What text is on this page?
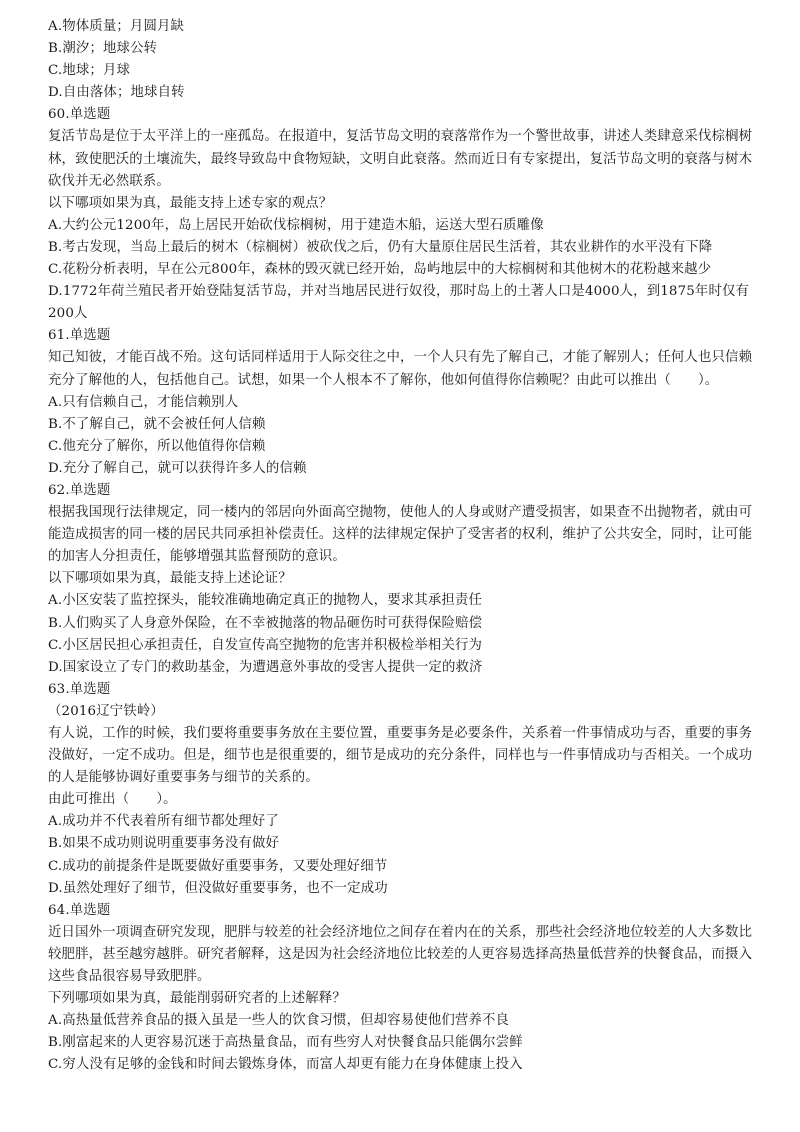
A.物体质量；月圆月缺
B.潮汐；地球公转
C.地球；月球
D.自由落体；地球自转
60.单选题
复活节岛是位于太平洋上的一座孤岛。在报道中，复活节岛文明的衰落常作为一个警世故事，讲述人类肆意采伐棕榈树林，致使肥沃的土壤流失，最终导致岛中食物短缺，文明自此衰落。然而近日有专家提出，复活节岛文明的衰落与树木砍伐并无必然联系。
以下哪项如果为真，最能支持上述专家的观点？
A.大约公元1200年，岛上居民开始砍伐棕榈树，用于建造木船，运送大型石质雕像
B.考古发现，当岛上最后的树木（棕榈树）被砍伐之后，仍有大量原住居民生活着，其农业耕作的水平没有下降
C.花粉分析表明，早在公元800年，森林的毁灭就已经开始，岛屿地层中的大棕榈树和其他树木的花粉越来越少
D.1772年荷兰殖民者开始登陆复活节岛，并对当地居民进行奴役，那时岛上的土著人口是4000人，到1875年时仅有200人
61.单选题
知己知彼，才能百战不殆。这句话同样适用于人际交往之中，一个人只有先了解自己，才能了解别人；任何人也只信赖充分了解他的人，包括他自己。试想，如果一个人根本不了解你，他如何值得你信赖呢？由此可以推出（　　）。
A.只有信赖自己，才能信赖别人
B.不了解自己，就不会被任何人信赖
C.他充分了解你，所以他值得你信赖
D.充分了解自己，就可以获得许多人的信赖
62.单选题
根据我国现行法律规定，同一楼内的邻居向外面高空抛物，使他人的人身或财产遭受损害，如果查不出抛物者，就由可能造成损害的同一楼的居民共同承担补偿责任。这样的法律规定保护了受害者的权利，维护了公共安全，同时，让可能的加害人分担责任，能够增强其监督预防的意识。
以下哪项如果为真，最能支持上述论证？
A.小区安装了监控探头，能较准确地确定真正的抛物人，要求其承担责任
B.人们购买了人身意外保险，在不幸被抛落的物品砸伤时可获得保险赔偿
C.小区居民担心承担责任，自发宣传高空抛物的危害并积极检举相关行为
D.国家设立了专门的救助基金，为遭遇意外事故的受害人提供一定的救济
63.单选题
（2016辽宁铁岭）
有人说，工作的时候，我们要将重要事务放在主要位置，重要事务是必要条件，关系着一件事情成功与否，重要的事务没做好，一定不成功。但是，细节也是很重要的，细节是成功的充分条件，同样也与一件事情成功与否相关。一个成功的人是能够协调好重要事务与细节的关系的。
由此可推出（　　）。
A.成功并不代表着所有细节都处理好了
B.如果不成功则说明重要事务没有做好
C.成功的前提条件是既要做好重要事务，又要处理好细节
D.虽然处理好了细节，但没做好重要事务，也不一定成功
64.单选题
近日国外一项调查研究发现，肥胖与较差的社会经济地位之间存在着内在的关系，那些社会经济地位较差的人大多数比较肥胖，甚至越穷越胖。研究者解释，这是因为社会经济地位比较差的人更容易选择高热量低营养的快餐食品，而摄入这些食品很容易导致肥胖。
下列哪项如果为真，最能削弱研究者的上述解释？
A.高热量低营养食品的摄入虽是一些人的饮食习惯，但却容易使他们营养不良
B.刚富起来的人更容易沉迷于高热量食品，而有些穷人对快餐食品只能偶尔尝鲜
C.穷人没有足够的金钱和时间去锻炼身体，而富人却更有能力在身体健康上投入
